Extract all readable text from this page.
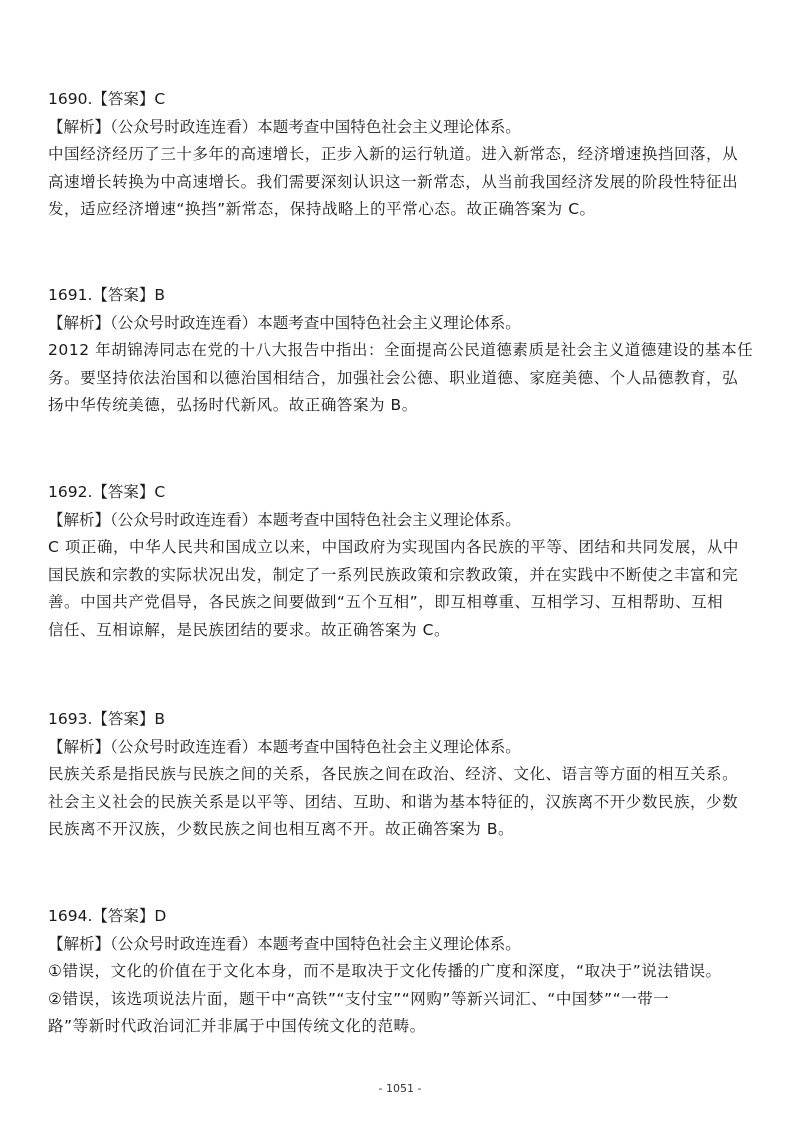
1690.【答案】C
【解析】（公众号时政连连看）本题考查中国特色社会主义理论体系。
中国经济经历了三十多年的高速增长，正步入新的运行轨道。进入新常态，经济增速换挡回落，从
高速增长转换为中高速增长。我们需要深刻认识这一新常态，从当前我国经济发展的阶段性特征出
发，适应经济增速“换挡”新常态，保持战略上的平常心态。故正确答案为 C。
1691.【答案】B
【解析】（公众号时政连连看）本题考查中国特色社会主义理论体系。
2012 年胡锦涛同志在党的十八大报告中指出：全面提高公民道德素质是社会主义道德建设的基本任
务。要坚持依法治国和以德治国相结合，加强社会公德、职业道德、家庭美德、个人品德教育，弘
扬中华传统美德，弘扬时代新风。故正确答案为 B。
1692.【答案】C
【解析】（公众号时政连连看）本题考查中国特色社会主义理论体系。
C 项正确，中华人民共和国成立以来，中国政府为实现国内各民族的平等、团结和共同发展，从中
国民族和宗教的实际状况出发，制定了一系列民族政策和宗教政策，并在实践中不断使之丰富和完
善。中国共产党倡导，各民族之间要做到“五个互相”，即互相尊重、互相学习、互相帮助、互相
信任、互相谅解，是民族团结的要求。故正确答案为 C。
1693.【答案】B
【解析】（公众号时政连连看）本题考查中国特色社会主义理论体系。
民族关系是指民族与民族之间的关系，各民族之间在政治、经济、文化、语言等方面的相互关系。
社会主义社会的民族关系是以平等、团结、互助、和谐为基本特征的，汉族离不开少数民族，少数
民族离不开汉族，少数民族之间也相互离不开。故正确答案为 B。
1694.【答案】D
【解析】（公众号时政连连看）本题考查中国特色社会主义理论体系。
①错误，文化的价值在于文化本身，而不是取决于文化传播的广度和深度，“取决于”说法错误。
②错误，该选项说法片面，题干中“高铁”“支付宝”“网购”等新兴词汇、“中国梦”“一带一
路”等新时代政治词汇并非属于中国传统文化的范畴。
- 1051 -
